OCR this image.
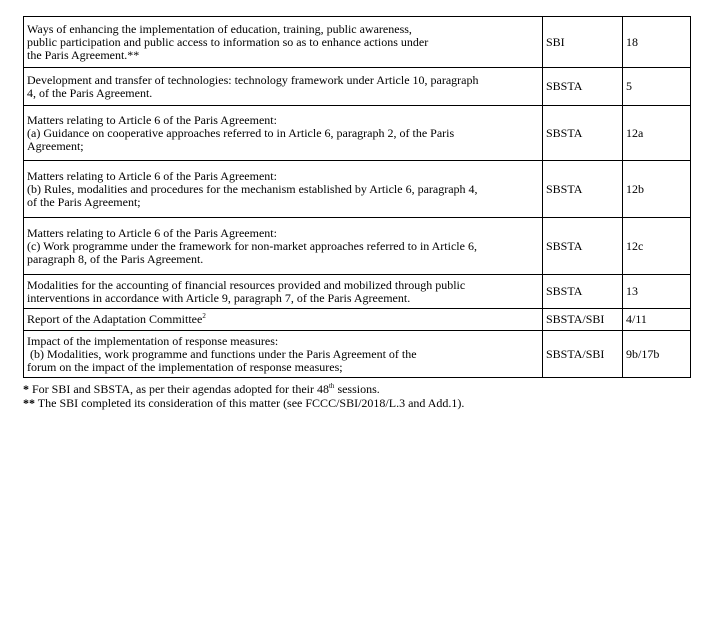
Ways of enhancing the implementation of education, training, public awareness,
public participation and public access to information so as to enhance actions under
the Paris Agreement.**	SBI	18

Development and transfer of technologies: technology framework under Article 10, paragraph
4, of the Paris Agreement.	SBSTA	5

Matters relating to Article 6 of the Paris Agreement:
(a) Guidance on cooperative approaches referred to in Article 6, paragraph 2, of the Paris
Agreement;	SBSTA	12a

Matters relating to Article 6 of the Paris Agreement:
(b) Rules, modalities and procedures for the mechanism established by Article 6, paragraph 4,
of the Paris Agreement;	SBSTA	12b

Matters relating to Article 6 of the Paris Agreement:
(c) Work programme under the framework for non-market approaches referred to in Article 6,
paragraph 8, of the Paris Agreement.	SBSTA	12c

Modalities for the accounting of financial resources provided and mobilized through public
interventions in accordance with Article 9, paragraph 7, of the Paris Agreement.	SBSTA	13

Report of the Adaptation Committee$^2$	SBSTA/SBI	4/11

Impact of the implementation of response measures:
(b) Modalities, work programme and functions under the Paris Agreement of the
forum on the impact of the implementation of response measures;	SBSTA/SBI	9b/17b
* For SBI and SBSTA, as per their agendas adopted for their 48th sessions.
** The SBI completed its consideration of this matter (see FCCC/SBI/2018/L.3 and Add.1).
